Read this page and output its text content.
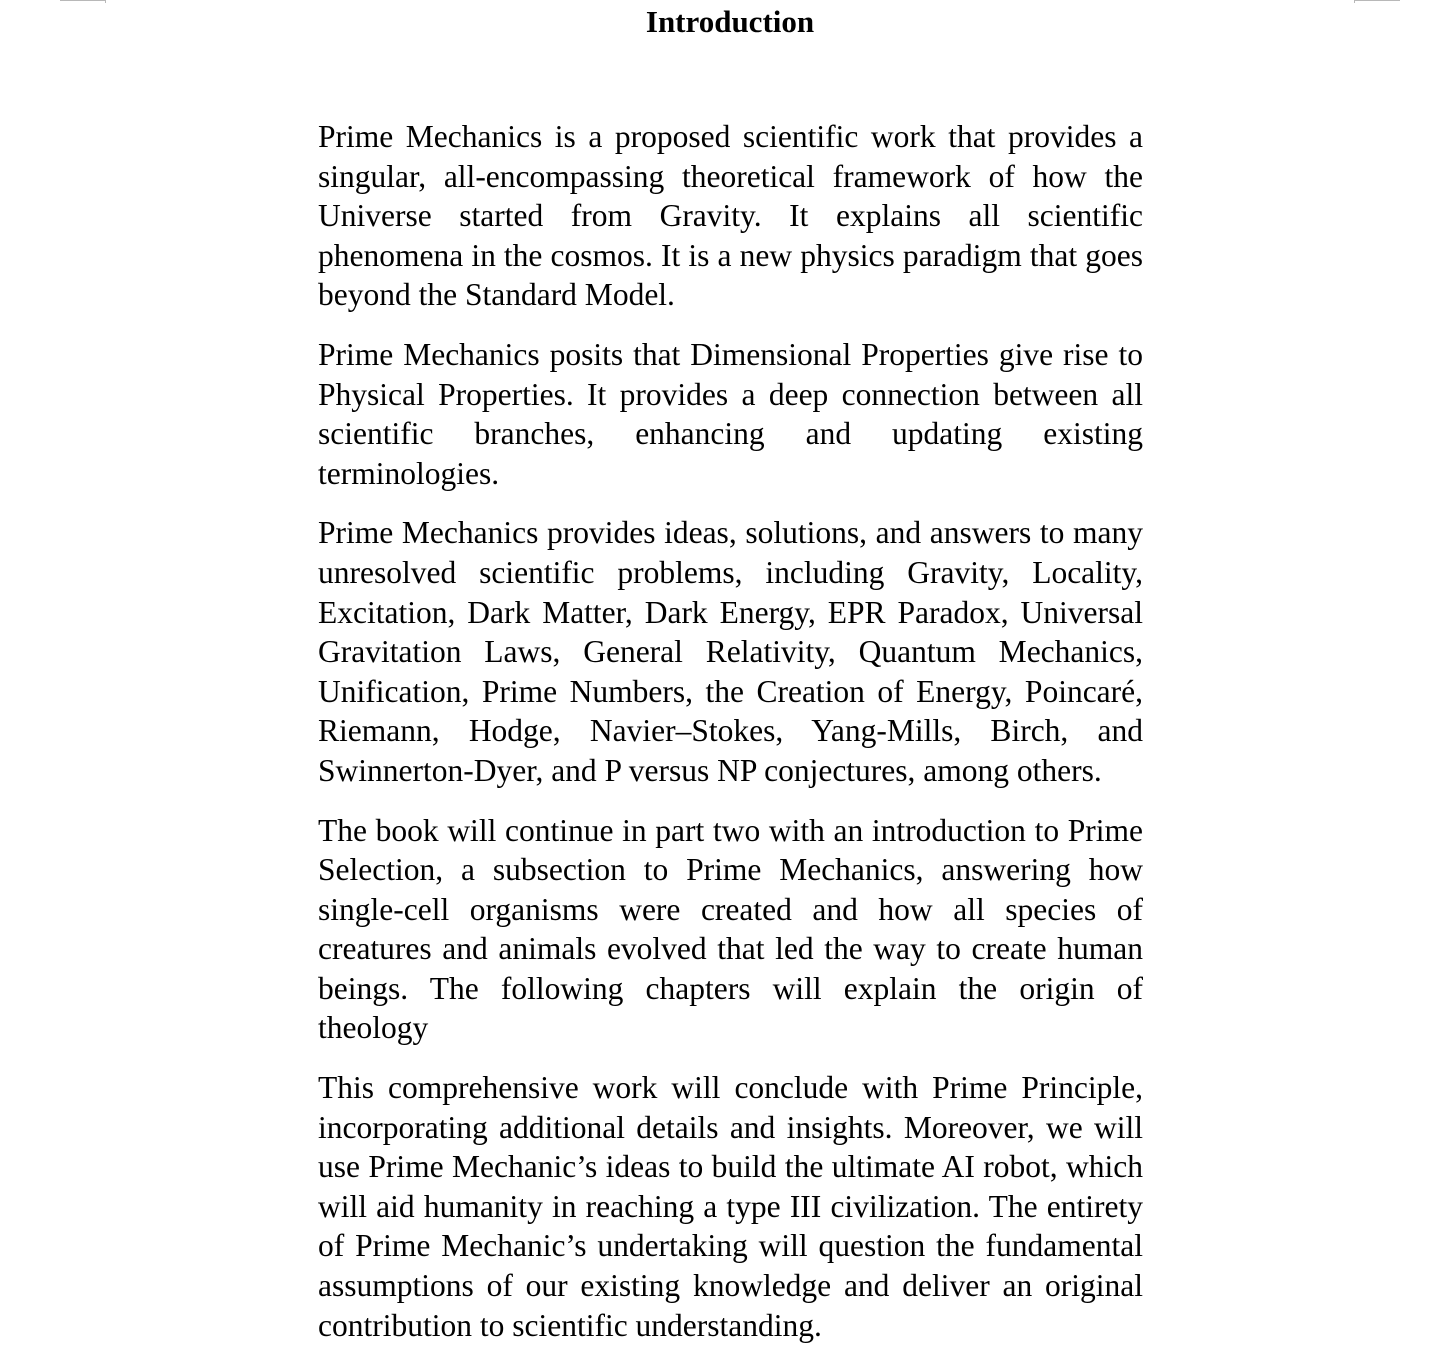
Introduction

Prime Mechanics is a proposed scientific work that provides a singular, all-encompassing theoretical framework of how the Universe started from Gravity. It explains all scientific phenomena in the cosmos. It is a new physics paradigm that goes beyond the Standard Model.

Prime Mechanics posits that Dimensional Properties give rise to Physical Properties. It provides a deep connection between all scientific branches, enhancing and updating existing terminologies.

Prime Mechanics provides ideas, solutions, and answers to many unresolved scientific problems, including Gravity, Locality, Excitation, Dark Matter, Dark Energy, EPR Paradox, Universal Gravitation Laws, General Relativity, Quantum Mechanics, Unification, Prime Numbers, the Creation of Energy, Poincaré, Riemann, Hodge, Navier–Stokes, Yang-Mills, Birch, and Swinnerton-Dyer, and P versus NP conjectures, among others.

The book will continue in part two with an introduction to Prime Selection, a subsection to Prime Mechanics, answering how single-cell organisms were created and how all species of creatures and animals evolved that led the way to create human beings. The following chapters will explain the origin of theology

This comprehensive work will conclude with Prime Principle, incorporating additional details and insights. Moreover, we will use Prime Mechanic’s ideas to build the ultimate AI robot, which will aid humanity in reaching a type III civilization. The entirety of Prime Mechanic’s undertaking will question the fundamental assumptions of our existing knowledge and deliver an original contribution to scientific understanding.
